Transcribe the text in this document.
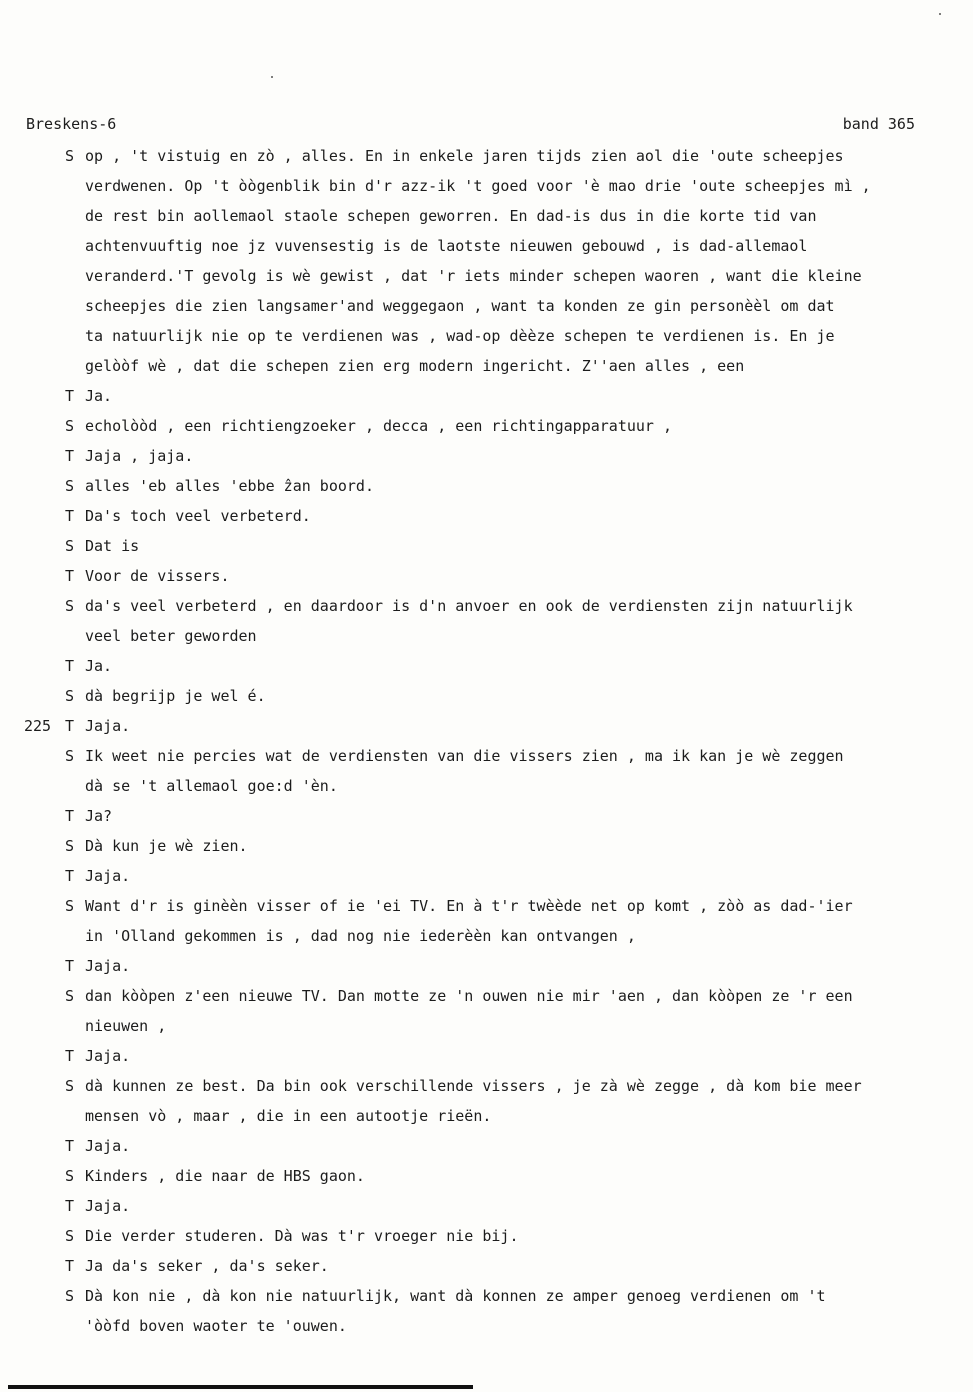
Breskens-6	band 365
S op , 't vistuig en zò , alles. En in enkele jaren tijds zien aol die 'oute scheepjes
verdwenen. Op 't òògenblik bin d'r azz-ik 't goed voor 'è mao drie 'oute scheepjes mì ,
de rest bin aollemaol staole schepen geworren. En dad-is dus in die korte tid van
achtenvuuftig noe jz vuvensestig is de laotste nieuwen gebouwd , is dad-allemaol
veranderd.'T gevolg is wè gewist , dat 'r iets minder schepen waoren , want die kleine
scheepjes die zien langsamer'and weggegaon , want ta konden ze gin personèèl om dat
ta natuurlijk nie op te verdienen was , wad-op dèèze schepen te verdienen is. En je
gelòòf wè , dat die schepen zien erg modern ingericht. Z''aen alles , een
T Ja.
S echolòòd , een richtiengzoeker , decca , een richtingapparatuur ,
T Jaja , jaja.
S alles 'eb alles 'ebbe ẑan boord.
T Da's toch veel verbeterd.
S Dat is
T Voor de vissers.
S da's veel verbeterd , en daardoor is d'n anvoer en ook de verdiensten zijn natuurlijk
veel beter geworden
T Ja.
S dà begrijp je wel é.
225 T Jaja.
S Ik weet nie percies wat de verdiensten van die vissers zien , ma ik kan je wè zeggen
dà se 't allemaol goe:d 'èn.
T Ja?
S Dà kun je wè zien.
T Jaja.
S Want d'r is ginèèn visser of ie 'ei TV. En à t'r twèède net op komt , zòò as dad-'ier
in 'Olland gekommen is , dad nog nie iederèèn kan ontvangen ,
T Jaja.
S dan kòòpen z'een nieuwe TV. Dan motte ze 'n ouwen nie mir 'aen , dan kòòpen ze 'r een
nieuwen ,
T Jaja.
S dà kunnen ze best. Da bin ook verschillende vissers , je zà wè zegge , dà kom bie meer
mensen vò , maar , die in een autootje rieën.
T Jaja.
S Kinders , die naar de HBS gaon.
T Jaja.
S Die verder studeren. Dà was t'r vroeger nie bij.
T Ja da's seker , da's seker.
S Dà kon nie , dà kon nie natuurlijk, want dà konnen ze amper genoeg verdienen om 't
'òòfd boven waoter te 'ouwen.
